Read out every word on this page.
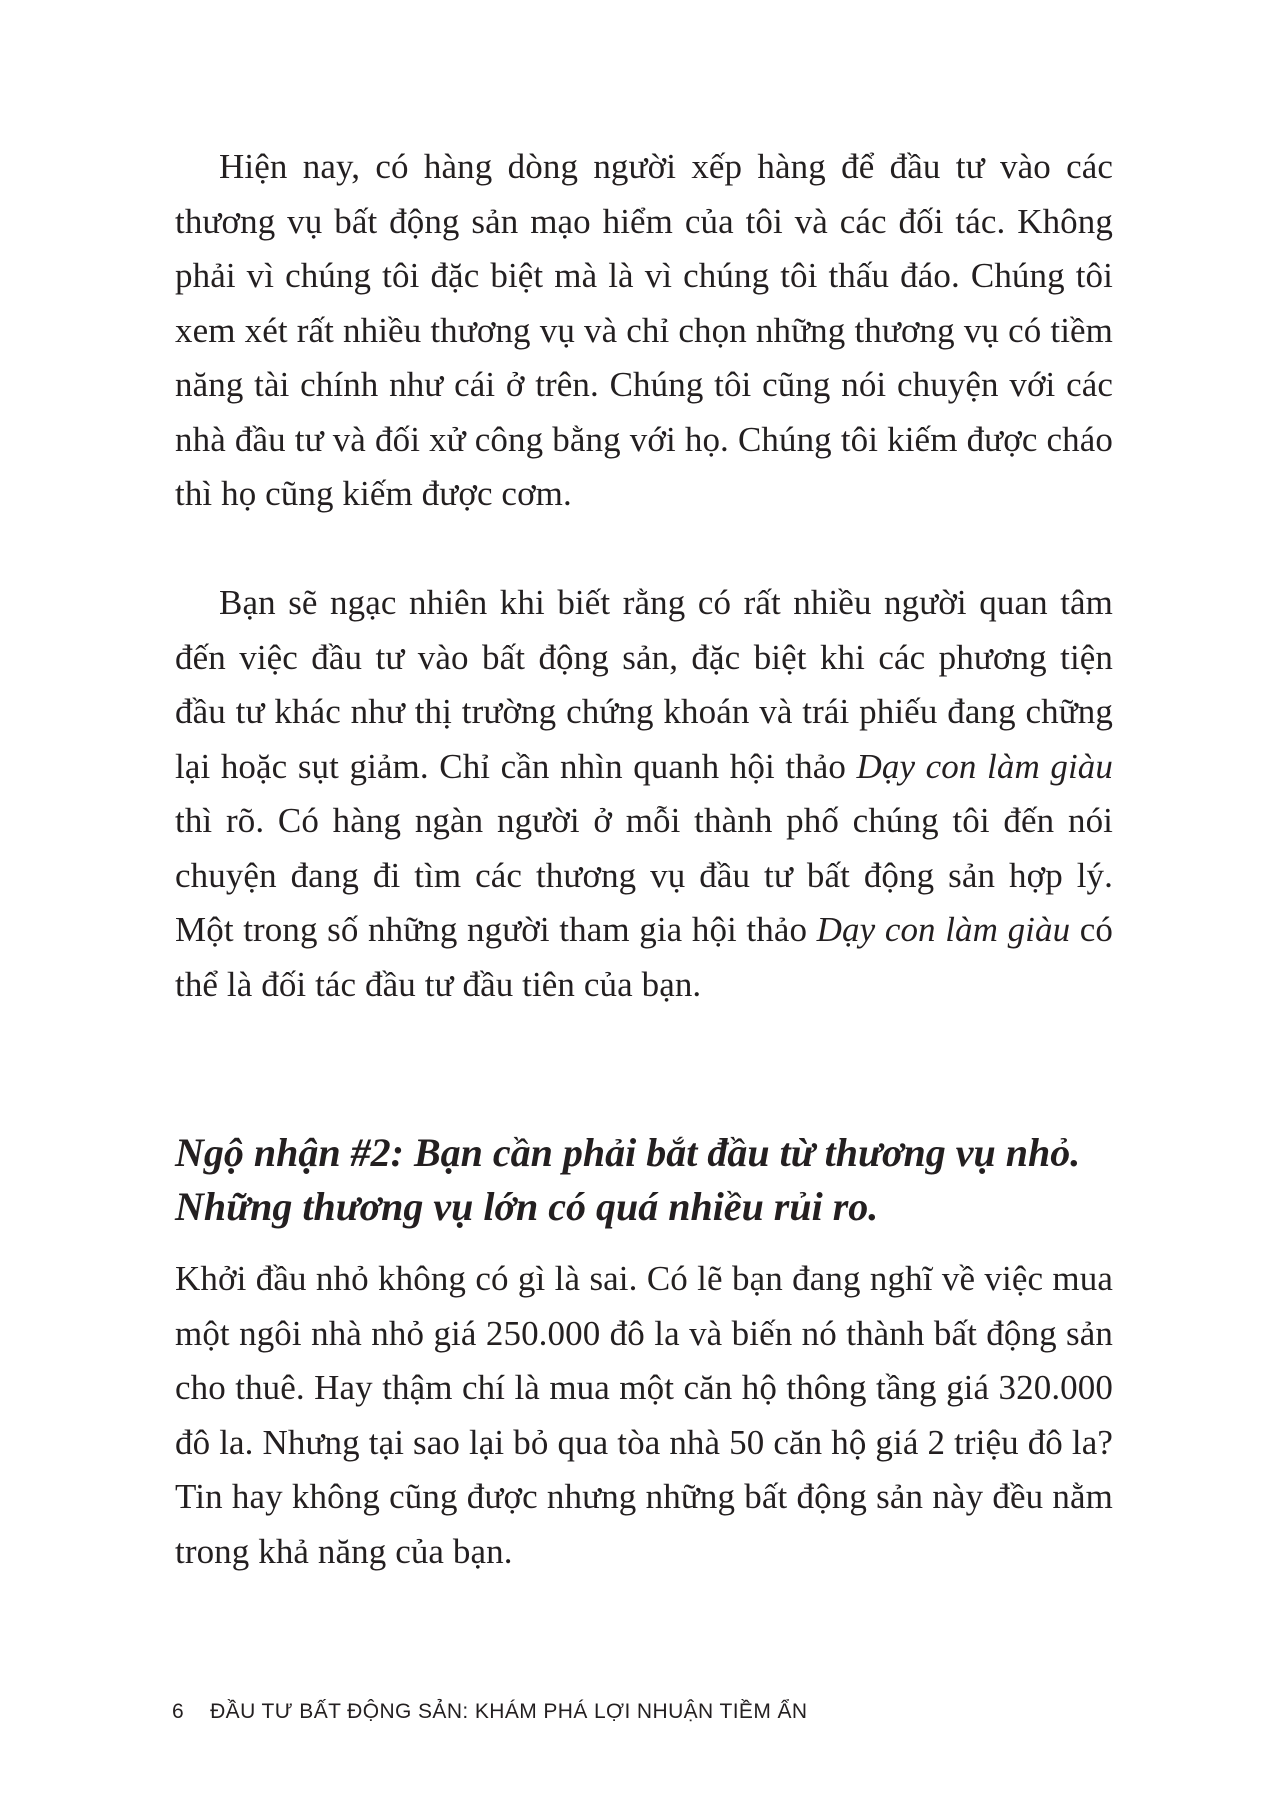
Hiện nay, có hàng dòng người xếp hàng để đầu tư vào các thương vụ bất động sản mạo hiểm của tôi và các đối tác. Không phải vì chúng tôi đặc biệt mà là vì chúng tôi thấu đáo. Chúng tôi xem xét rất nhiều thương vụ và chỉ chọn những thương vụ có tiềm năng tài chính như cái ở trên. Chúng tôi cũng nói chuyện với các nhà đầu tư và đối xử công bằng với họ. Chúng tôi kiếm được cháo thì họ cũng kiếm được cơm.

Bạn sẽ ngạc nhiên khi biết rằng có rất nhiều người quan tâm đến việc đầu tư vào bất động sản, đặc biệt khi các phương tiện đầu tư khác như thị trường chứng khoán và trái phiếu đang chững lại hoặc sụt giảm. Chỉ cần nhìn quanh hội thảo Dạy con làm giàu thì rõ. Có hàng ngàn người ở mỗi thành phố chúng tôi đến nói chuyện đang đi tìm các thương vụ đầu tư bất động sản hợp lý. Một trong số những người tham gia hội thảo Dạy con làm giàu có thể là đối tác đầu tư đầu tiên của bạn.

Ngộ nhận #2: Bạn cần phải bắt đầu từ thương vụ nhỏ. Những thương vụ lớn có quá nhiều rủi ro.

Khởi đầu nhỏ không có gì là sai. Có lẽ bạn đang nghĩ về việc mua một ngôi nhà nhỏ giá 250.000 đô la và biến nó thành bất động sản cho thuê. Hay thậm chí là mua một căn hộ thông tầng giá 320.000 đô la. Nhưng tại sao lại bỏ qua tòa nhà 50 căn hộ giá 2 triệu đô la? Tin hay không cũng được nhưng những bất động sản này đều nằm trong khả năng của bạn.

6 ĐẦU TƯ BẤT ĐỘNG SẢN: KHÁM PHÁ LỢI NHUẬN TIỀM ẨN
